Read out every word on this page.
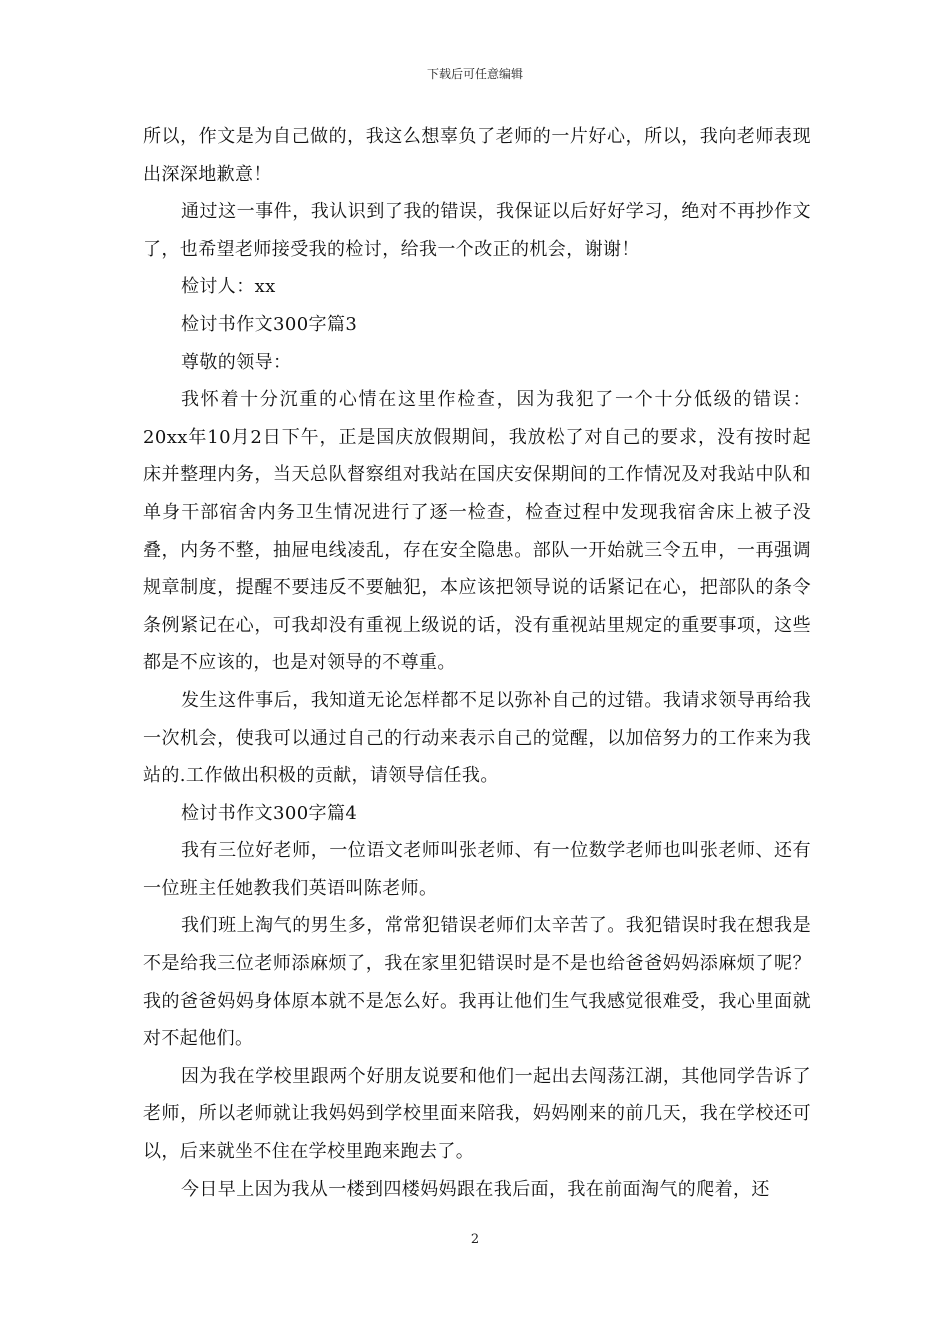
下载后可任意编辑

所以，作文是为自己做的，我这么想辜负了老师的一片好心，所以，我向老师表现出深深地歉意！

通过这一事件，我认识到了我的错误，我保证以后好好学习，绝对不再抄作文了，也希望老师接受我的检讨，给我一个改正的机会，谢谢！

检讨人：xx

检讨书作文300字篇3

尊敬的领导：

我怀着十分沉重的心情在这里作检查，因为我犯了一个十分低级的错误：20xx年10月2日下午，正是国庆放假期间，我放松了对自己的要求，没有按时起床并整理内务，当天总队督察组对我站在国庆安保期间的工作情况及对我站中队和单身干部宿舍内务卫生情况进行了逐一检查，检查过程中发现我宿舍床上被子没叠，内务不整，抽屉电线凌乱，存在安全隐患。部队一开始就三令五申，一再强调规章制度，提醒不要违反不要触犯，本应该把领导说的话紧记在心，把部队的条令条例紧记在心，可我却没有重视上级说的话，没有重视站里规定的重要事项，这些都是不应该的，也是对领导的不尊重。

发生这件事后，我知道无论怎样都不足以弥补自己的过错。我请求领导再给我一次机会，使我可以通过自己的行动来表示自己的觉醒，以加倍努力的工作来为我站的.工作做出积极的贡献，请领导信任我。

检讨书作文300字篇4

我有三位好老师，一位语文老师叫张老师、有一位数学老师也叫张老师、还有一位班主任她教我们英语叫陈老师。

我们班上淘气的男生多，常常犯错误老师们太辛苦了。我犯错误时我在想我是不是给我三位老师添麻烦了，我在家里犯错误时是不是也给爸爸妈妈添麻烦了呢？我的爸爸妈妈身体原本就不是怎么好。我再让他们生气我感觉很难受，我心里面就对不起他们。

因为我在学校里跟两个好朋友说要和他们一起出去闯荡江湖，其他同学告诉了老师，所以老师就让我妈妈到学校里面来陪我，妈妈刚来的前几天，我在学校还可以，后来就坐不住在学校里跑来跑去了。

今日早上因为我从一楼到四楼妈妈跟在我后面，我在前面淘气的爬着，还

2
